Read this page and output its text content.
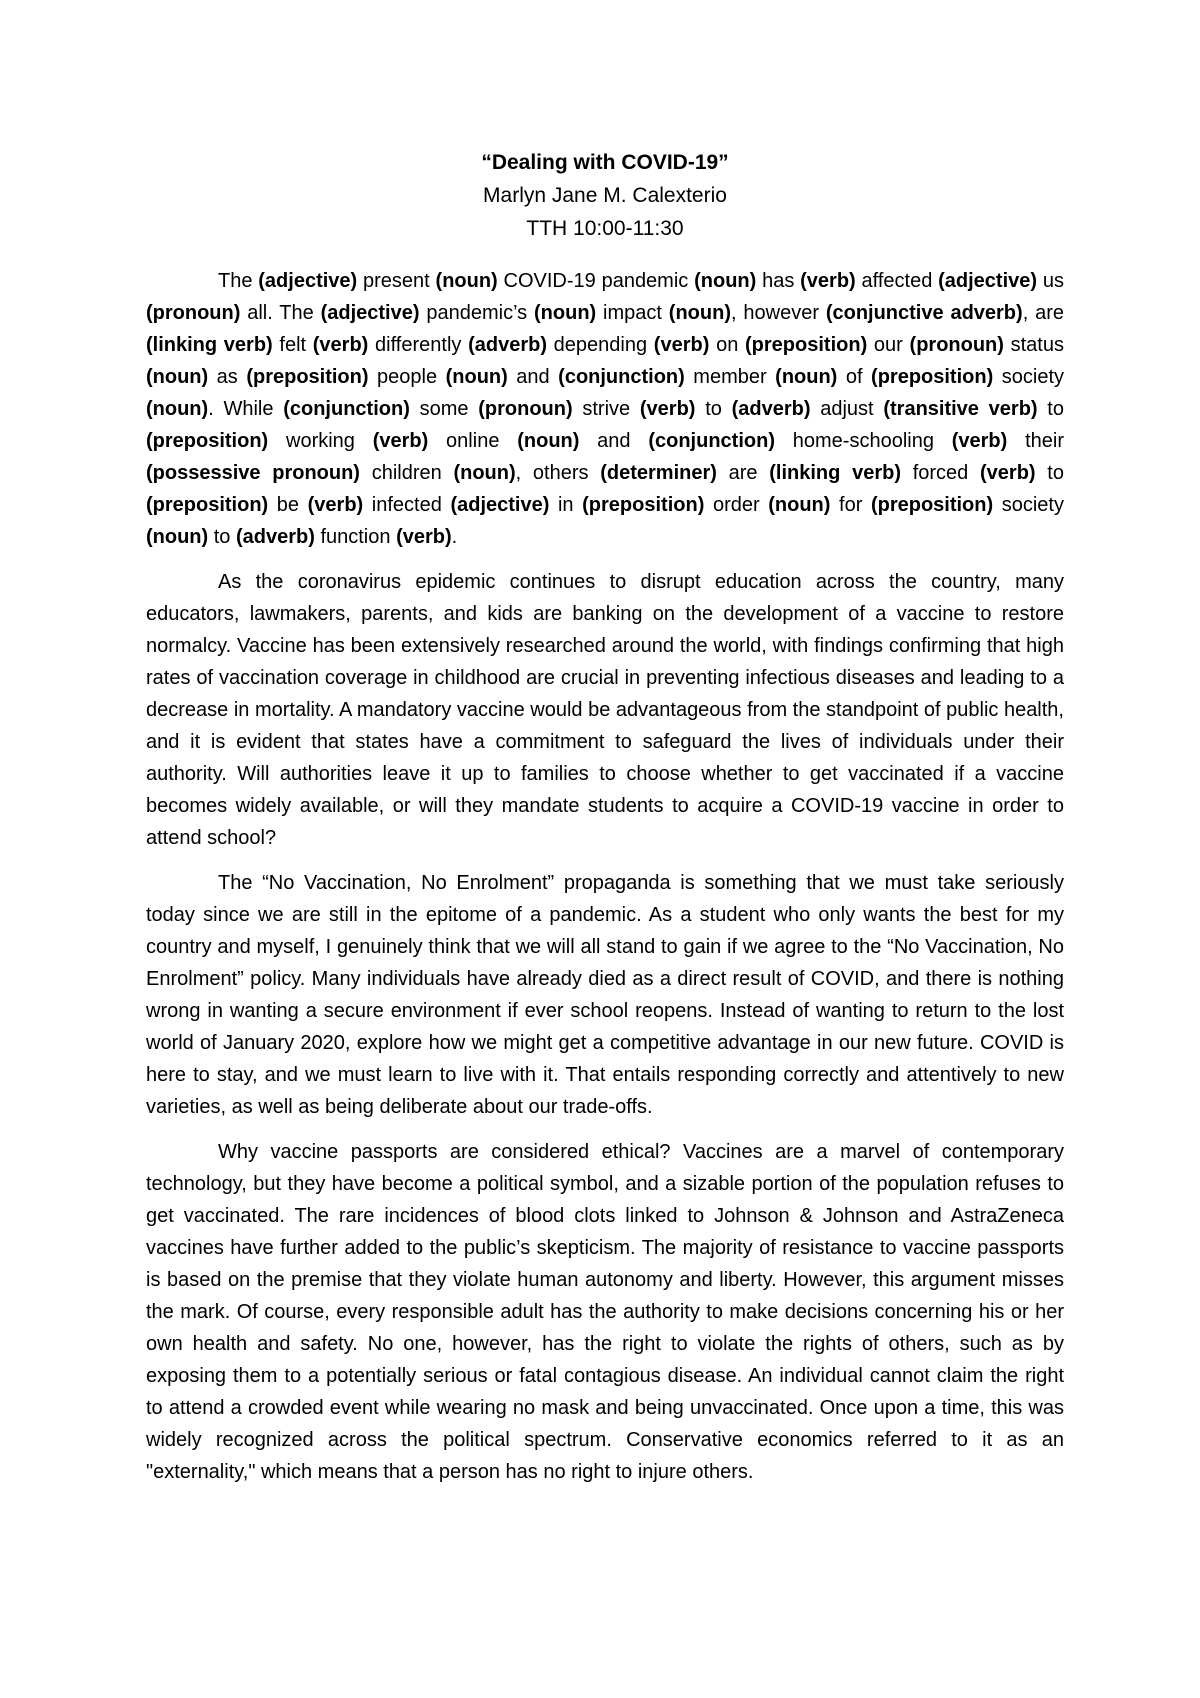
“Dealing with COVID-19”
Marlyn Jane M. Calexterio
TTH 10:00-11:30

The (adjective) present (noun) COVID-19 pandemic (noun) has (verb) affected (adjective) us (pronoun) all. The (adjective) pandemic’s (noun) impact (noun), however (conjunctive adverb), are (linking verb) felt (verb) differently (adverb) depending (verb) on (preposition) our (pronoun) status (noun) as (preposition) people (noun) and (conjunction) member (noun) of (preposition) society (noun). While (conjunction) some (pronoun) strive (verb) to (adverb) adjust (transitive verb) to (preposition) working (verb) online (noun) and (conjunction) home-schooling (verb) their (possessive pronoun) children (noun), others (determiner) are (linking verb) forced (verb) to (preposition) be (verb) infected (adjective) in (preposition) order (noun) for (preposition) society (noun) to (adverb) function (verb).

As the coronavirus epidemic continues to disrupt education across the country, many educators, lawmakers, parents, and kids are banking on the development of a vaccine to restore normalcy. Vaccine has been extensively researched around the world, with findings confirming that high rates of vaccination coverage in childhood are crucial in preventing infectious diseases and leading to a decrease in mortality. A mandatory vaccine would be advantageous from the standpoint of public health, and it is evident that states have a commitment to safeguard the lives of individuals under their authority. Will authorities leave it up to families to choose whether to get vaccinated if a vaccine becomes widely available, or will they mandate students to acquire a COVID-19 vaccine in order to attend school?

The “No Vaccination, No Enrolment” propaganda is something that we must take seriously today since we are still in the epitome of a pandemic. As a student who only wants the best for my country and myself, I genuinely think that we will all stand to gain if we agree to the “No Vaccination, No Enrolment” policy. Many individuals have already died as a direct result of COVID, and there is nothing wrong in wanting a secure environment if ever school reopens. Instead of wanting to return to the lost world of January 2020, explore how we might get a competitive advantage in our new future. COVID is here to stay, and we must learn to live with it. That entails responding correctly and attentively to new varieties, as well as being deliberate about our trade-offs.

Why vaccine passports are considered ethical? Vaccines are a marvel of contemporary technology, but they have become a political symbol, and a sizable portion of the population refuses to get vaccinated. The rare incidences of blood clots linked to Johnson & Johnson and AstraZeneca vaccines have further added to the public’s skepticism. The majority of resistance to vaccine passports is based on the premise that they violate human autonomy and liberty. However, this argument misses the mark. Of course, every responsible adult has the authority to make decisions concerning his or her own health and safety. No one, however, has the right to violate the rights of others, such as by exposing them to a potentially serious or fatal contagious disease. An individual cannot claim the right to attend a crowded event while wearing no mask and being unvaccinated. Once upon a time, this was widely recognized across the political spectrum. Conservative economics referred to it as an "externality," which means that a person has no right to injure others.
